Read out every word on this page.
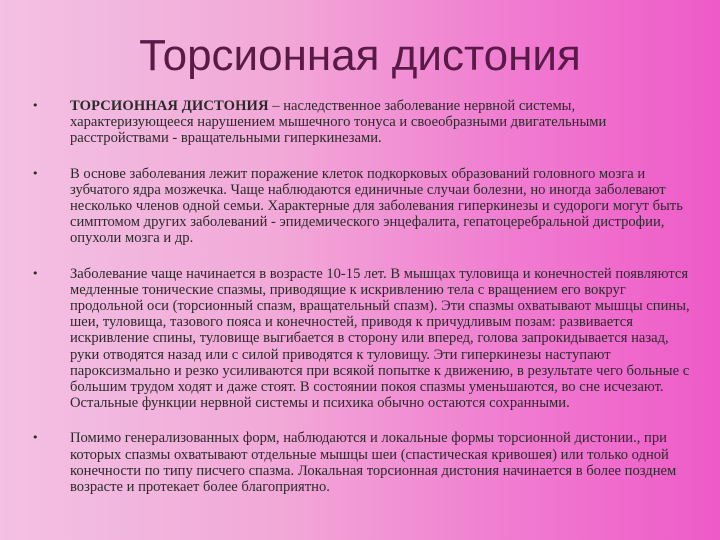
Торсионная дистония
•	ТОРСИОННАЯ ДИСТОНИЯ – наследственное заболевание нервной системы, характеризующееся нарушением мышечного тонуса и своеобразными двигательными расстройствами - вращательными гиперкинезами.
•	В основе заболевания лежит поражение клеток подкорковых образований головного мозга и зубчатого ядра мозжечка. Чаще наблюдаются единичные случаи болезни, но иногда заболевают несколько членов одной семьи. Характерные для заболевания гиперкинезы и судороги могут быть симптомом других заболеваний - эпидемического энцефалита, гепатоцеребральной дистрофии, опухоли мозга и др.
•	Заболевание чаще начинается в возрасте 10-15 лет. В мышцах туловища и конечностей появляются медленные тонические спазмы, приводящие к искривлению тела с вращением его вокруг продольной оси (торсионный спазм, вращательный спазм). Эти спазмы охватывают мышцы спины, шеи, туловища, тазового пояса и конечностей, приводя к причудливым позам: развивается искривление спины, туловище выгибается в сторону или вперед, голова запрокидывается назад, руки отводятся назад или с силой приводятся к туловищу. Эти гиперкинезы наступают пароксизмально и резко усиливаются при всякой попытке к движению, в результате чего больные с большим трудом ходят и даже стоят. В состоянии покоя спазмы уменьшаются, во сне исчезают. Остальные функции нервной системы и психика обычно остаются сохранными.
•	Помимо генерализованных форм, наблюдаются и локальные формы торсионной дистонии., при которых спазмы охватывают отдельные мышцы шеи (спастическая кривошея) или только одной конечности по типу писчего спазма. Локальная торсионная дистония начинается в более позднем возрасте и протекает более благоприятно.
